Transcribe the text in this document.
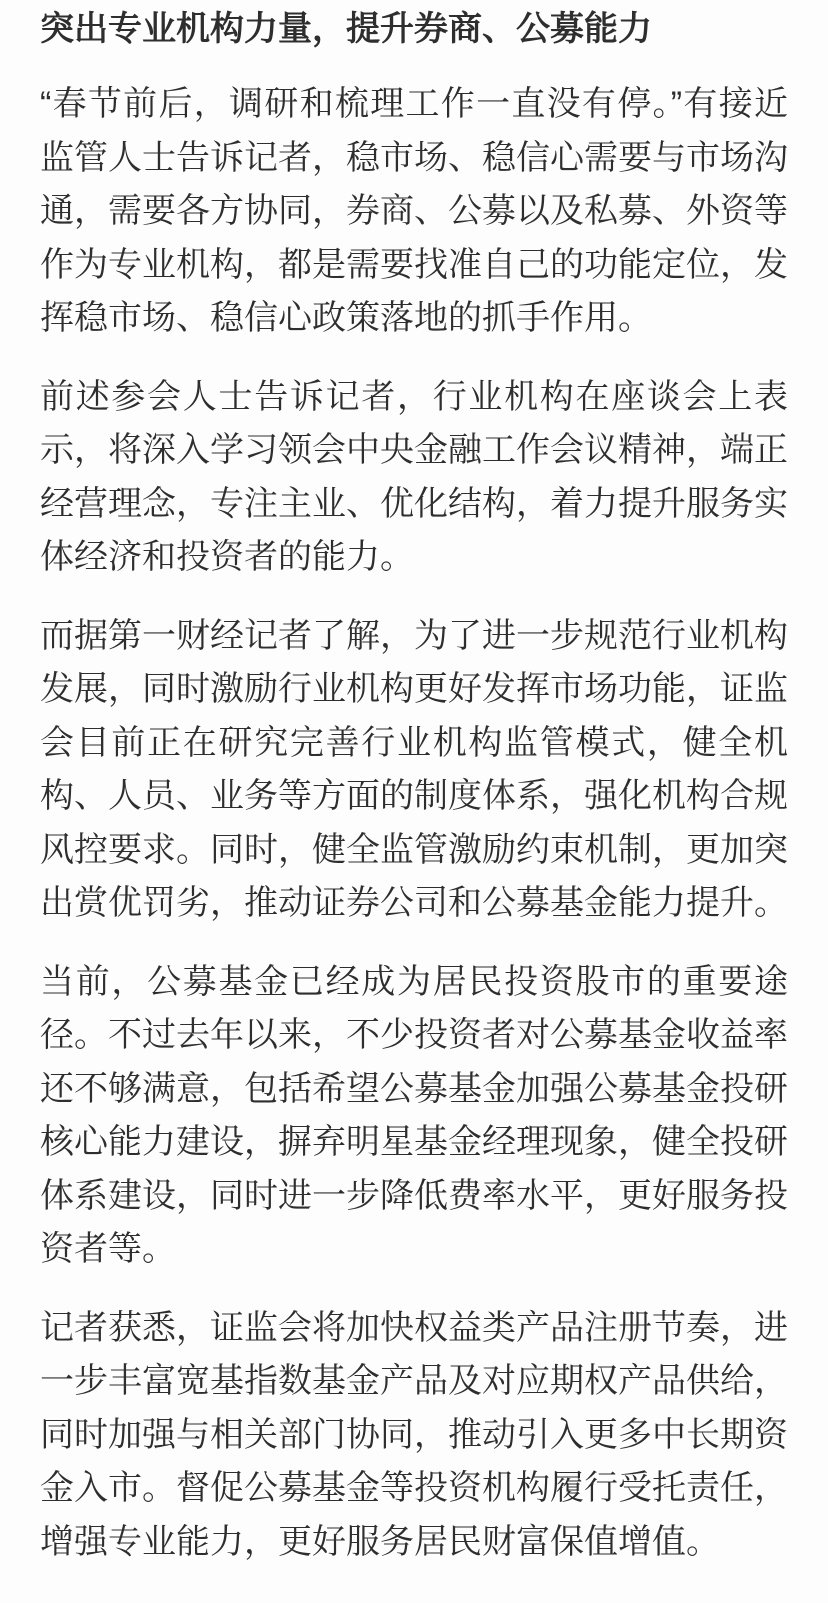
突出专业机构力量，提升券商、公募能力

“春节前后，调研和梳理工作一直没有停。”有接近监管人士告诉记者，稳市场、稳信心需要与市场沟通，需要各方协同，券商、公募以及私募、外资等作为专业机构，都是需要找准自己的功能定位，发挥稳市场、稳信心政策落地的抓手作用。

前述参会人士告诉记者，行业机构在座谈会上表示，将深入学习领会中央金融工作会议精神，端正经营理念，专注主业、优化结构，着力提升服务实体经济和投资者的能力。

而据第一财经记者了解，为了进一步规范行业机构发展，同时激励行业机构更好发挥市场功能，证监会目前正在研究完善行业机构监管模式，健全机构、人员、业务等方面的制度体系，强化机构合规风控要求。同时，健全监管激励约束机制，更加突出赏优罚劣，推动证券公司和公募基金能力提升。

当前，公募基金已经成为居民投资股市的重要途径。不过去年以来，不少投资者对公募基金收益率还不够满意，包括希望公募基金加强公募基金投研核心能力建设，摒弃明星基金经理现象，健全投研体系建设，同时进一步降低费率水平，更好服务投资者等。

记者获悉，证监会将加快权益类产品注册节奏，进一步丰富宽基指数基金产品及对应期权产品供给，同时加强与相关部门协同，推动引入更多中长期资金入市。督促公募基金等投资机构履行受托责任，增强专业能力，更好服务居民财富保值增值。
